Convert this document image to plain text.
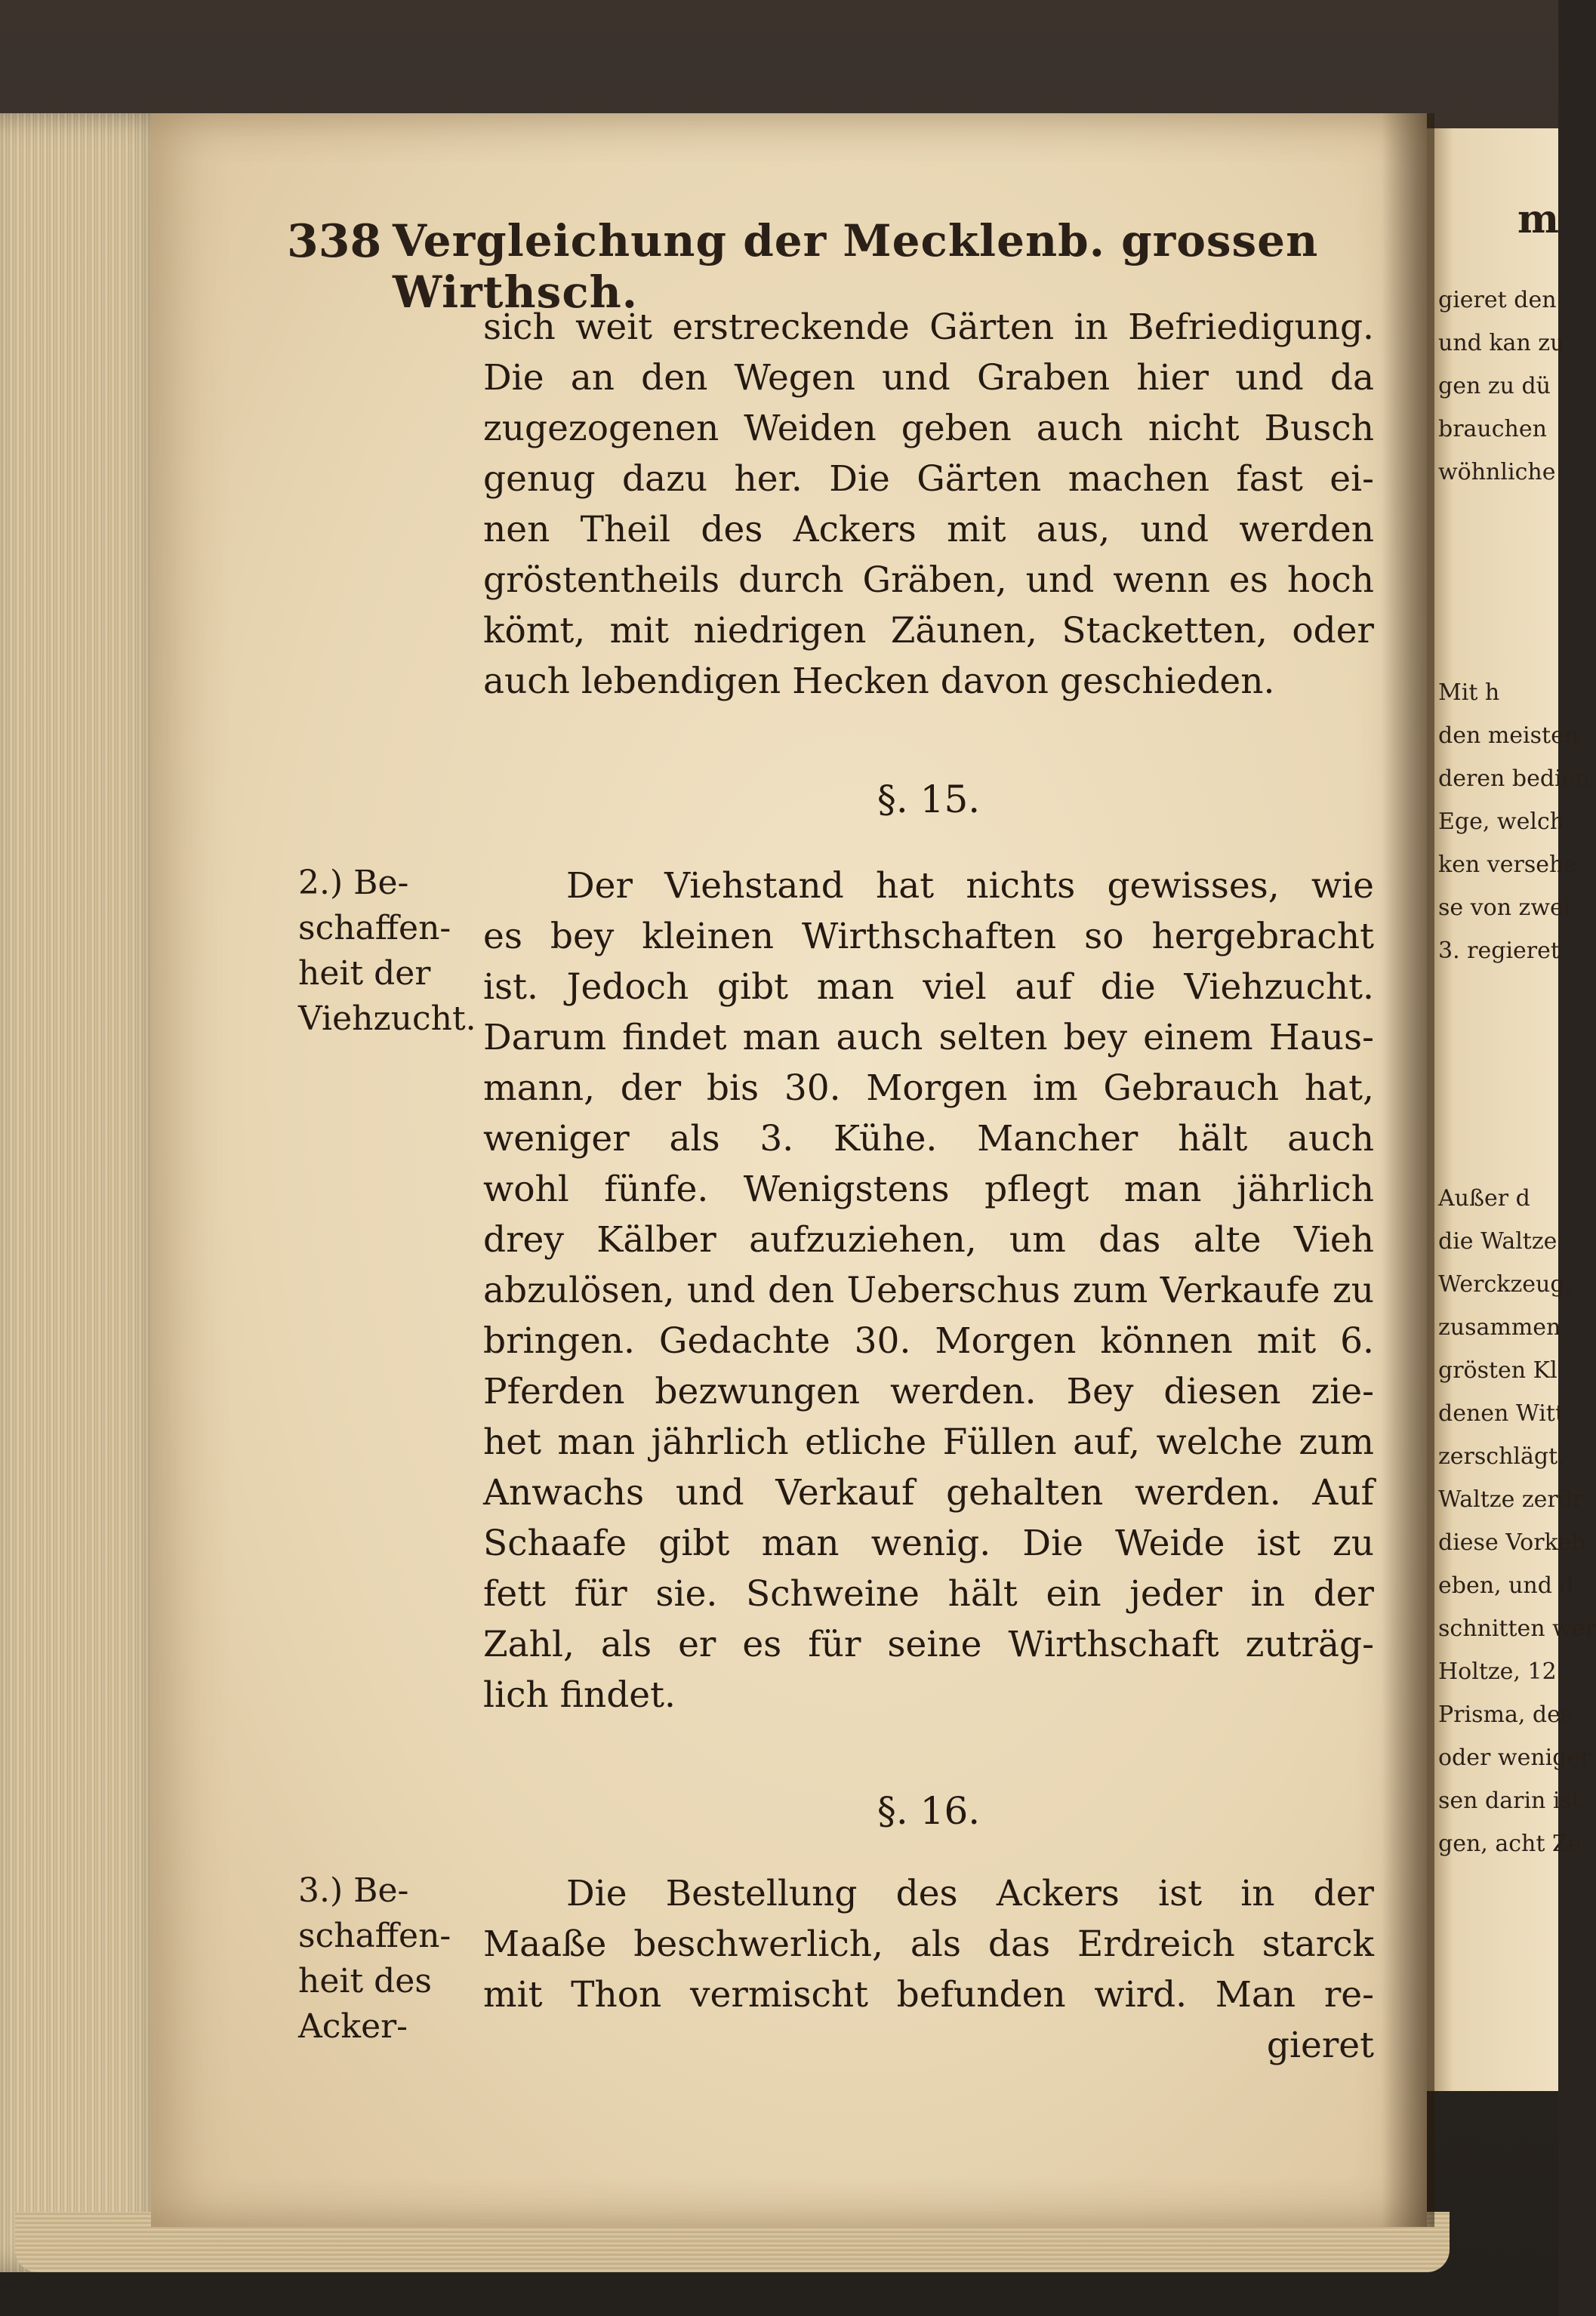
338 Vergleichung der Mecklenb. grossen Wirthsch.
sich weit erstreckende Gärten in Befriedigung.
Die an den Wegen und Graben hier und da
zugezogenen Weiden geben auch nicht Busch
genug dazu her. Die Gärten machen fast ei-
nen Theil des Ackers mit aus, und werden
gröstentheils durch Gräben, und wenn es hoch
kömt, mit niedrigen Zäunen, Stacketten, oder
auch lebendigen Hecken davon geschieden.
§. 15.
2.) Be-
schaffen-
heit der
Viehzucht.
Der Viehstand hat nichts gewisses, wie
es bey kleinen Wirthschaften so hergebracht
ist. Jedoch gibt man viel auf die Viehzucht.
Darum findet man auch selten bey einem Haus-
mann, der bis 30. Morgen im Gebrauch hat,
weniger als 3. Kühe. Mancher hält auch
wohl fünfe. Wenigstens pflegt man jährlich
drey Kälber aufzuziehen, um das alte Vieh
abzulösen, und den Ueberschus zum Verkaufe zu
bringen. Gedachte 30. Morgen können mit 6.
Pferden bezwungen werden. Bey diesen zie-
het man jährlich etliche Füllen auf, welche zum
Anwachs und Verkauf gehalten werden. Auf
Schaafe gibt man wenig. Die Weide ist zu
fett für sie. Schweine hält ein jeder in der
Zahl, als er es für seine Wirthschaft zuträg-
lich findet.
§. 16.
3.) Be-
schaffen-
heit des
Acker-
Die Bestellung des Ackers ist in der
Maaße beschwerlich, als das Erdreich starck
mit Thon vermischt befunden wird. Man re-
gieret
m
gieret den
und kan zu
gen zu dü
brauchen
wöhnliche
Mit h
den meisten
deren bedien
Ege, welch
ken versehe
se von zwei
3. regieret
Außer d
die Waltze
Werckzeug,
zusammen
grösten Kl
denen Witt
zerschlägt,
Waltze zerdr
diese Vorkeh
eben, und d
schnitten wer
Holtze, 12.
Prisma, des
oder weniger
sen darin ist
gen, acht Ze
